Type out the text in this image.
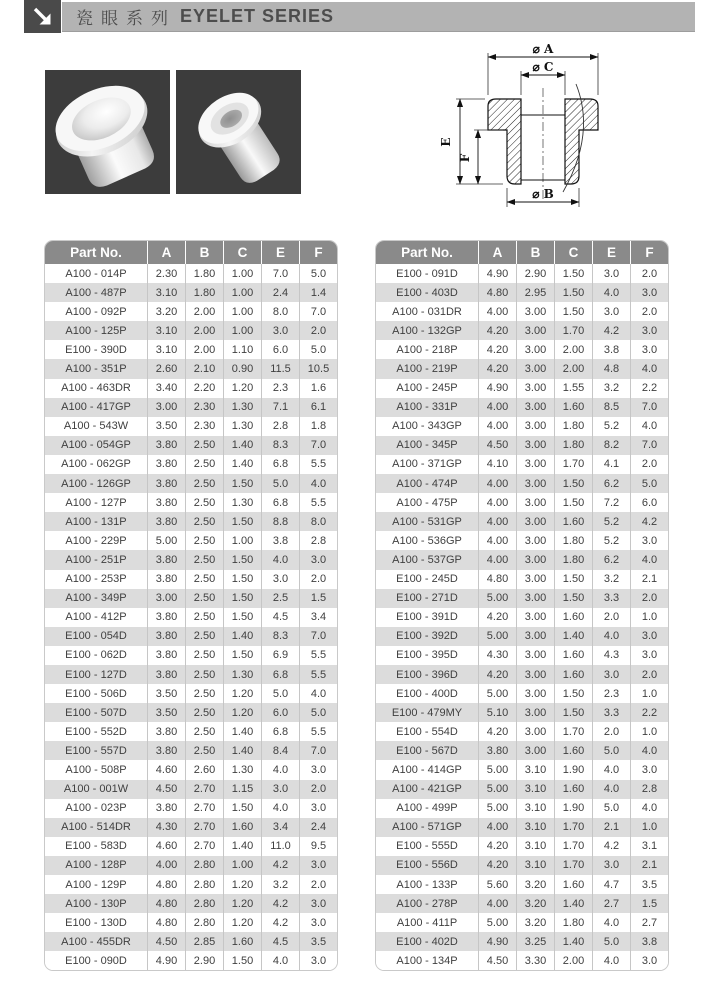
瓷眼系列 EYELET SERIES
⌀ A
⌀ C
E
F
⌀ B
Part No.	A	B	C	E	F
A100 - 014P	2.30	1.80	1.00	7.0	5.0
A100 - 487P	3.10	1.80	1.00	2.4	1.4
A100 - 092P	3.20	2.00	1.00	8.0	7.0
A100 - 125P	3.10	2.00	1.00	3.0	2.0
E100 - 390D	3.10	2.00	1.10	6.0	5.0
A100 - 351P	2.60	2.10	0.90	11.5	10.5
A100 - 463DR	3.40	2.20	1.20	2.3	1.6
A100 - 417GP	3.00	2.30	1.30	7.1	6.1
A100 - 543W	3.50	2.30	1.30	2.8	1.8
A100 - 054GP	3.80	2.50	1.40	8.3	7.0
A100 - 062GP	3.80	2.50	1.40	6.8	5.5
A100 - 126GP	3.80	2.50	1.50	5.0	4.0
A100 - 127P	3.80	2.50	1.30	6.8	5.5
A100 - 131P	3.80	2.50	1.50	8.8	8.0
A100 - 229P	5.00	2.50	1.00	3.8	2.8
A100 - 251P	3.80	2.50	1.50	4.0	3.0
A100 - 253P	3.80	2.50	1.50	3.0	2.0
A100 - 349P	3.00	2.50	1.50	2.5	1.5
A100 - 412P	3.80	2.50	1.50	4.5	3.4
E100 - 054D	3.80	2.50	1.40	8.3	7.0
E100 - 062D	3.80	2.50	1.50	6.9	5.5
E100 - 127D	3.80	2.50	1.30	6.8	5.5
E100 - 506D	3.50	2.50	1.20	5.0	4.0
E100 - 507D	3.50	2.50	1.20	6.0	5.0
E100 - 552D	3.80	2.50	1.40	6.8	5.5
E100 - 557D	3.80	2.50	1.40	8.4	7.0
A100 - 508P	4.60	2.60	1.30	4.0	3.0
A100 - 001W	4.50	2.70	1.15	3.0	2.0
A100 - 023P	3.80	2.70	1.50	4.0	3.0
A100 - 514DR	4.30	2.70	1.60	3.4	2.4
E100 - 583D	4.60	2.70	1.40	11.0	9.5
A100 - 128P	4.00	2.80	1.00	4.2	3.0
A100 - 129P	4.80	2.80	1.20	3.2	2.0
A100 - 130P	4.80	2.80	1.20	4.2	3.0
E100 - 130D	4.80	2.80	1.20	4.2	3.0
A100 - 455DR	4.50	2.85	1.60	4.5	3.5
E100 - 090D	4.90	2.90	1.50	4.0	3.0
Part No.	A	B	C	E	F
E100 - 091D	4.90	2.90	1.50	3.0	2.0
E100 - 403D	4.80	2.95	1.50	4.0	3.0
A100 - 031DR	4.00	3.00	1.50	3.0	2.0
A100 - 132GP	4.20	3.00	1.70	4.2	3.0
A100 - 218P	4.20	3.00	2.00	3.8	3.0
A100 - 219P	4.20	3.00	2.00	4.8	4.0
A100 - 245P	4.90	3.00	1.55	3.2	2.2
A100 - 331P	4.00	3.00	1.60	8.5	7.0
A100 - 343GP	4.00	3.00	1.80	5.2	4.0
A100 - 345P	4.50	3.00	1.80	8.2	7.0
A100 - 371GP	4.10	3.00	1.70	4.1	2.0
A100 - 474P	4.00	3.00	1.50	6.2	5.0
A100 - 475P	4.00	3.00	1.50	7.2	6.0
A100 - 531GP	4.00	3.00	1.60	5.2	4.2
A100 - 536GP	4.00	3.00	1.80	5.2	3.0
A100 - 537GP	4.00	3.00	1.80	6.2	4.0
E100 - 245D	4.80	3.00	1.50	3.2	2.1
E100 - 271D	5.00	3.00	1.50	3.3	2.0
E100 - 391D	4.20	3.00	1.60	2.0	1.0
E100 - 392D	5.00	3.00	1.40	4.0	3.0
E100 - 395D	4.30	3.00	1.60	4.3	3.0
E100 - 396D	4.20	3.00	1.60	3.0	2.0
E100 - 400D	5.00	3.00	1.50	2.3	1.0
E100 - 479MY	5.10	3.00	1.50	3.3	2.2
E100 - 554D	4.20	3.00	1.70	2.0	1.0
E100 - 567D	3.80	3.00	1.60	5.0	4.0
A100 - 414GP	5.00	3.10	1.90	4.0	3.0
A100 - 421GP	5.00	3.10	1.60	4.0	2.8
A100 - 499P	5.00	3.10	1.90	5.0	4.0
A100 - 571GP	4.00	3.10	1.70	2.1	1.0
E100 - 555D	4.20	3.10	1.70	4.2	3.1
E100 - 556D	4.20	3.10	1.70	3.0	2.1
A100 - 133P	5.60	3.20	1.60	4.7	3.5
A100 - 278P	4.00	3.20	1.40	2.7	1.5
A100 - 411P	5.00	3.20	1.80	4.0	2.7
E100 - 402D	4.90	3.25	1.40	5.0	3.8
A100 - 134P	4.50	3.30	2.00	4.0	3.0
